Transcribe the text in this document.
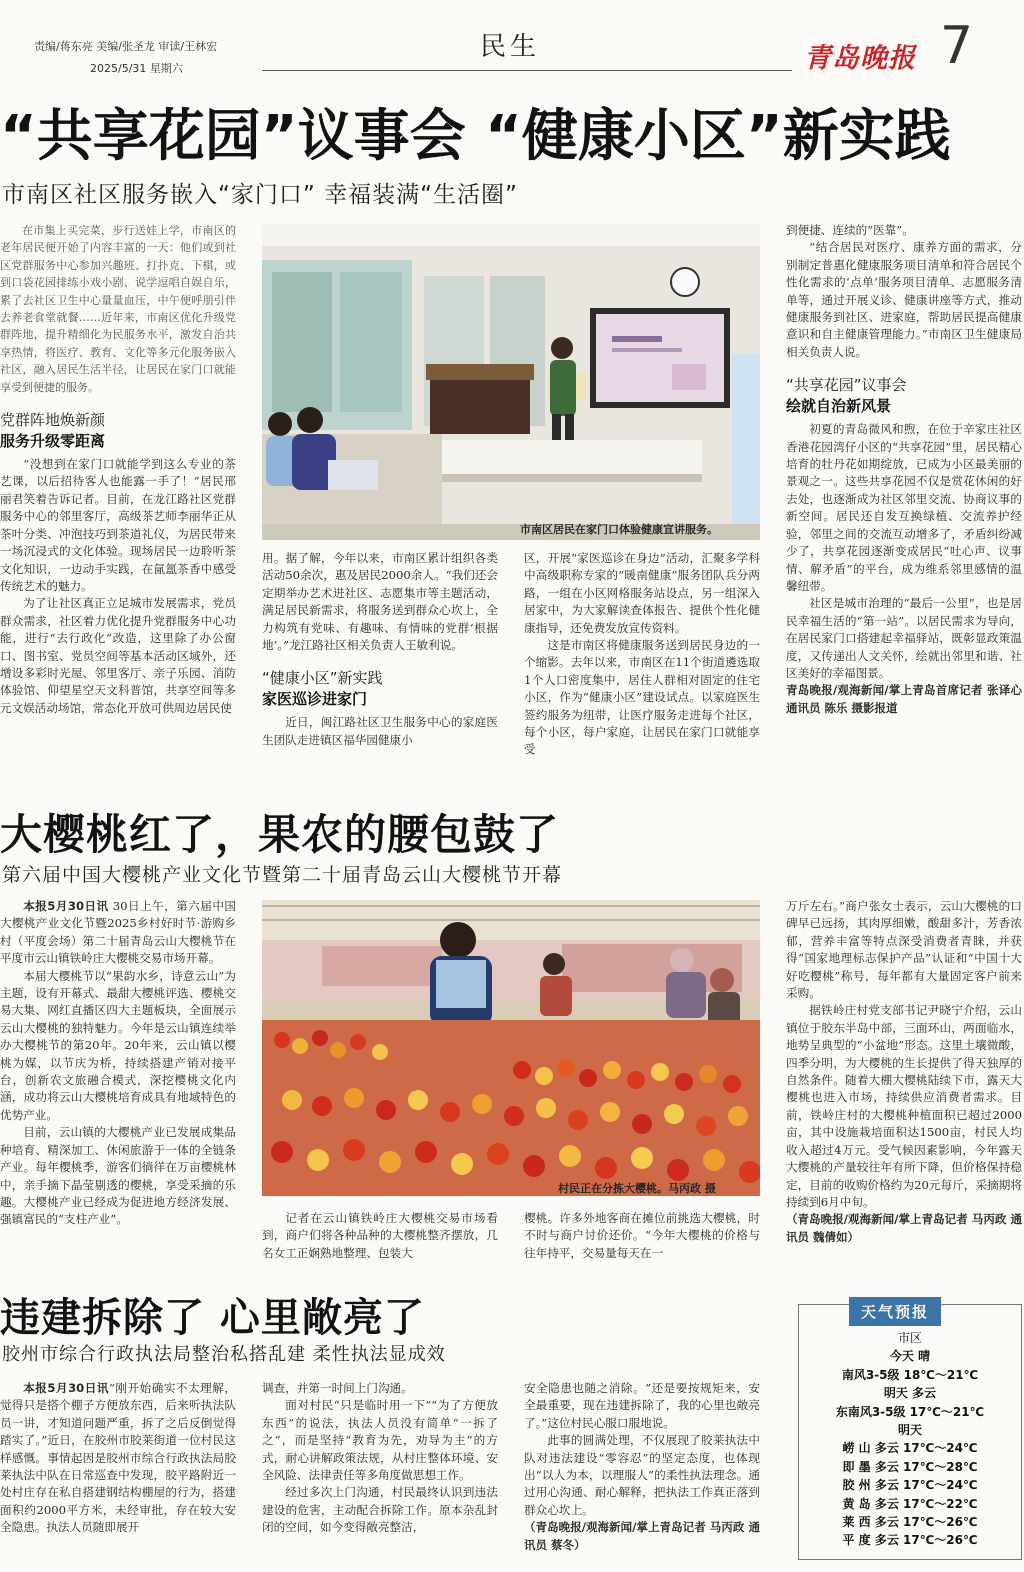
责编/蒋东亮 美编/张圣龙 审读/王林宏
2025/5/31 星期六
民生	青岛晚报 7
“共享花园”议事会 “健康小区”新实践
市南区社区服务嵌入“家门口” 幸福装满“生活圈”

在市集上买完菜，步行送娃上学，市南区的老年居民便开始了内容丰富的一天：他们或到社区党群服务中心参加兴趣班、打扑克、下棋，或到口袋花园排练小戏小剧、说学逗唱自娱自乐，累了去社区卫生中心量量血压，中午便呼朋引伴去养老食堂就餐……近年来，市南区优化升级党群阵地，提升精细化为民服务水平，激发自治共享热情，将医疗、教育、文化等多元化服务嵌入社区，融入居民生活半径，让居民在家门口就能享受到便捷的服务。

党群阵地焕新颜
服务升级零距离

“没想到在家门口就能学到这么专业的茶艺课，以后招待客人也能露一手了！”居民邢丽君笑着告诉记者。目前，在龙江路社区党群服务中心的邻里客厅，高级茶艺师李丽华正从茶叶分类、冲泡技巧到茶道礼仪，为居民带来一场沉浸式的文化体验。现场居民一边聆听茶文化知识，一边动手实践，在氤氲茶香中感受传统艺术的魅力。

为了让社区真正立足城市发展需求，党员群众需求，社区着力优化提升党群服务中心功能，进行“去行政化”改造，这里除了办公窗口、图书室、党员空间等基本活动区域外，还增设多彩时光屋、邻里客厅、亲子乐园、消防体验馆、仰望星空天文科普馆，共享空间等多元文娱活动场馆，常态化开放可供周边居民使

市南区居民在家门口体验健康宣讲服务。

用。据了解，今年以来，市南区累计组织各类活动50余次，惠及居民2000余人。“我们还会定期举办艺术进社区、志愿集市等主题活动，满足居民新需求，将服务送到群众心坎上，全力构筑有党味、有趣味、有情味的党群‘根据地’。”龙江路社区相关负责人王敏利说。

“健康小区”新实践
家医巡诊进家门

近日，闽江路社区卫生服务中心的家庭医生团队走进镇区福华园健康小

区，开展“家医巡诊在身边”活动，汇聚多学科中高级职称专家的“暖南健康”服务团队兵分两路，一组在小区网格服务站设点，另一组深入居家中，为大家解读查体报告、提供个性化健康指导，还免费发放宣传资料。

这是市南区将健康服务送到居民身边的一个缩影。去年以来，市南区在11个街道遴选取1个人口密度集中，居住人群相对固定的住宅小区，作为“健康小区”建设试点。以家庭医生签约服务为纽带，让医疗服务走进每个社区，每个小区，每户家庭，让居民在家门口就能享受

到便捷、连续的“医靠”。

“结合居民对医疗、康养方面的需求，分别制定普惠化健康服务项目清单和符合居民个性化需求的‘点单’服务项目清单、志愿服务清单等，通过开展义诊、健康讲座等方式，推动健康服务到社区、进家庭，帮助居民提高健康意识和自主健康管理能力。”市南区卫生健康局相关负责人说。

“共享花园”议事会
绘就自治新风景

初夏的青岛微风和煦，在位于辛家庄社区香港花园湾仔小区的“共享花园”里，居民精心培育的牡丹花如期绽放，已成为小区最美丽的景观之一。这些共享花园不仅是赏花休闲的好去处，也逐渐成为社区邻里交流、协商议事的新空间。居民还自发互换绿植、交流养护经验，邻里之间的交流互动增多了，矛盾纠纷减少了，共享花园逐渐变成居民“吐心声、议事情、解矛盾”的平台，成为维系邻里感情的温馨纽带。

社区是城市治理的“最后一公里”，也是居民幸福生活的“第一站”。以居民需求为导向，在居民家门口搭建起幸福驿站，既彰显政策温度，又传递出人文关怀，绘就出邻里和谐、社区美好的幸福图景。

青岛晚报/观海新闻/掌上青岛首席记者 张译心 通讯员 陈乐 摄影报道

大樱桃红了，果农的腰包鼓了
第六届中国大樱桃产业文化节暨第二十届青岛云山大樱桃节开幕

本报5月30日讯 30日上午，第六届中国大樱桃产业文化节暨2025乡村好时节·游购乡村（平度会场）第二十届青岛云山大樱桃节在平度市云山镇铁岭庄大樱桃交易市场开幕。

本届大樱桃节以“果韵水乡，诗意云山”为主题，设有开幕式、最甜大樱桃评选、樱桃交易大集、网红直播区四大主题板块，全面展示云山大樱桃的独特魅力。今年是云山镇连续举办大樱桃节的第20年。20年来，云山镇以樱桃为媒，以节庆为桥，持续搭建产销对接平台，创新农文旅融合模式，深挖樱桃文化内涵，成功将云山大樱桃培育成具有地域特色的优势产业。

目前，云山镇的大樱桃产业已发展成集品种培育、精深加工、休闲旅游于一体的全链条产业。每年樱桃季，游客们徜徉在万亩樱桃林中，亲手摘下晶莹剔透的樱桃，享受采摘的乐趣。大樱桃产业已经成为促进地方经济发展、强镇富民的“支柱产业”。

村民正在分拣大樱桃。马丙政 摄

记者在云山镇铁岭庄大樱桃交易市场看到，商户们将各种品种的大樱桃整齐摆放，几名女工正娴熟地整理、包装大

樱桃。许多外地客商在摊位前挑选大樱桃，时不时与商户讨价还价。“今年大樱桃的价格与往年持平，交易量每天在一

万斤左右。”商户张女士表示，云山大樱桃的口碑早已远扬，其肉厚细嫩，酸甜多汁，芳香浓郁，营养丰富等特点深受消费者青睐，并获得“国家地理标志保护产品”认证和“中国十大好吃樱桃”称号，每年都有大量固定客户前来采购。

据铁岭庄村党支部书记尹晓宁介绍，云山镇位于胶东半岛中部，三面环山，两面临水，地势呈典型的“小盆地”形态。这里土壤微酸，四季分明，为大樱桃的生长提供了得天独厚的自然条件。随着大棚大樱桃陆续下市，露天大樱桃也进入市场，持续供应消费者需求。目前，铁岭庄村的大樱桃种植面积已超过2000亩，其中设施栽培面积达1500亩，村民人均收入超过4万元。受气候因素影响，今年露天大樱桃的产量较往年有所下降，但价格保持稳定，目前的收购价格约为20元每斤，采摘期将持续到6月中旬。

（青岛晚报/观海新闻/掌上青岛记者 马丙政 通讯员 魏倩如）

违建拆除了 心里敞亮了
胶州市综合行政执法局整治私搭乱建 柔性执法显成效

本报5月30日讯“刚开始确实不太理解，觉得只是搭个棚子方便放东西，后来听执法队员一讲，才知道问题严重，拆了之后反倒觉得踏实了。”近日，在胶州市胶莱街道一位村民这样感慨。事情起因是胶州市综合行政执法局胶莱执法中队在日常巡查中发现，胶平路附近一处村庄存在私自搭建钢结构棚屋的行为，搭建面积约2000平方米，未经审批，存在较大安全隐患。执法人员随即展开

调查，并第一时间上门沟通。

面对村民“只是临时用一下”“为了方便放东西”的说法，执法人员没有简单“一拆了之”，而是坚持“教育为先，劝导为主”的方式，耐心讲解政策法规，从村庄整体环境、安全风险、法律责任等多角度做思想工作。

经过多次上门沟通，村民最终认识到违法建设的危害，主动配合拆除工作。原本杂乱封闭的空间，如今变得敞亮整洁，

安全隐患也随之消除。“还是要按规矩来，安全最重要，现在违建拆除了，我的心里也敞亮了。”这位村民心服口服地说。

此事的圆满处理，不仅展现了胶莱执法中队对违法建设“零容忍”的坚定态度，也体现出“以人为本，以理服人”的柔性执法理念。通过用心沟通、耐心解释，把执法工作真正落到群众心坎上。

（青岛晚报/观海新闻/掌上青岛记者 马丙政 通讯员 蔡冬）

天气预报
市区
今天 晴
南风3-5级 18℃～21℃
明天 多云
东南风3-5级 17℃～21℃
明天
崂 山 多云 17℃～24℃
即 墨 多云 17℃～28℃
胶 州 多云 17℃～24℃
黄 岛 多云 17℃～22℃
莱 西 多云 17℃～26℃
平 度 多云 17℃～26℃
